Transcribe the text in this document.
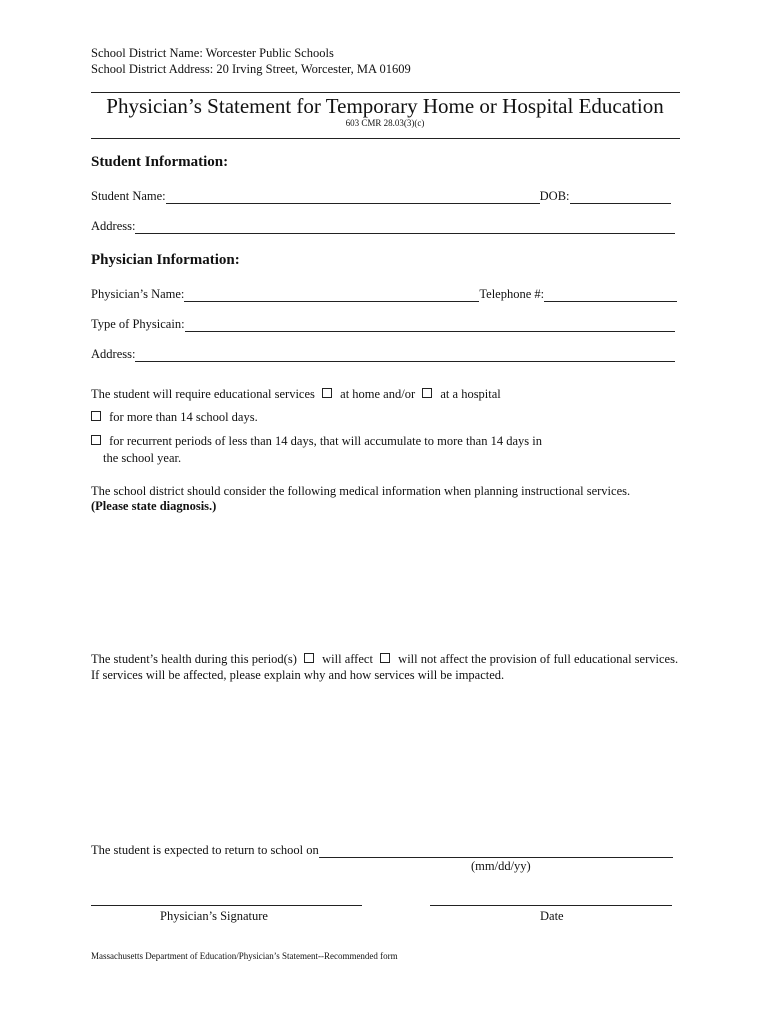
School District Name: Worcester Public Schools
School District Address: 20 Irving Street, Worcester, MA 01609
Physician’s Statement for Temporary Home or Hospital Education
603 CMR 28.03(3)(c)
Student Information:
Student Name:	DOB:
Address:
Physician Information:
Physician’s Name:	Telephone #:
Type of Physicain:
Address:
The student will require educational services at home and/or at a hospital
for more than 14 school days.
for recurrent periods of less than 14 days, that will accumulate to more than 14 days in
the school year.
The school district should consider the following medical information when planning instructional services.
(Please state diagnosis.)
The student’s health during this period(s) will affect will not affect the provision of full educational services.
If services will be affected, please explain why and how services will be impacted.
The student is expected to return to school on
(mm/dd/yy)
Physician’s Signature	Date
Massachusetts Department of Education/Physician’s Statement--Recommended form
